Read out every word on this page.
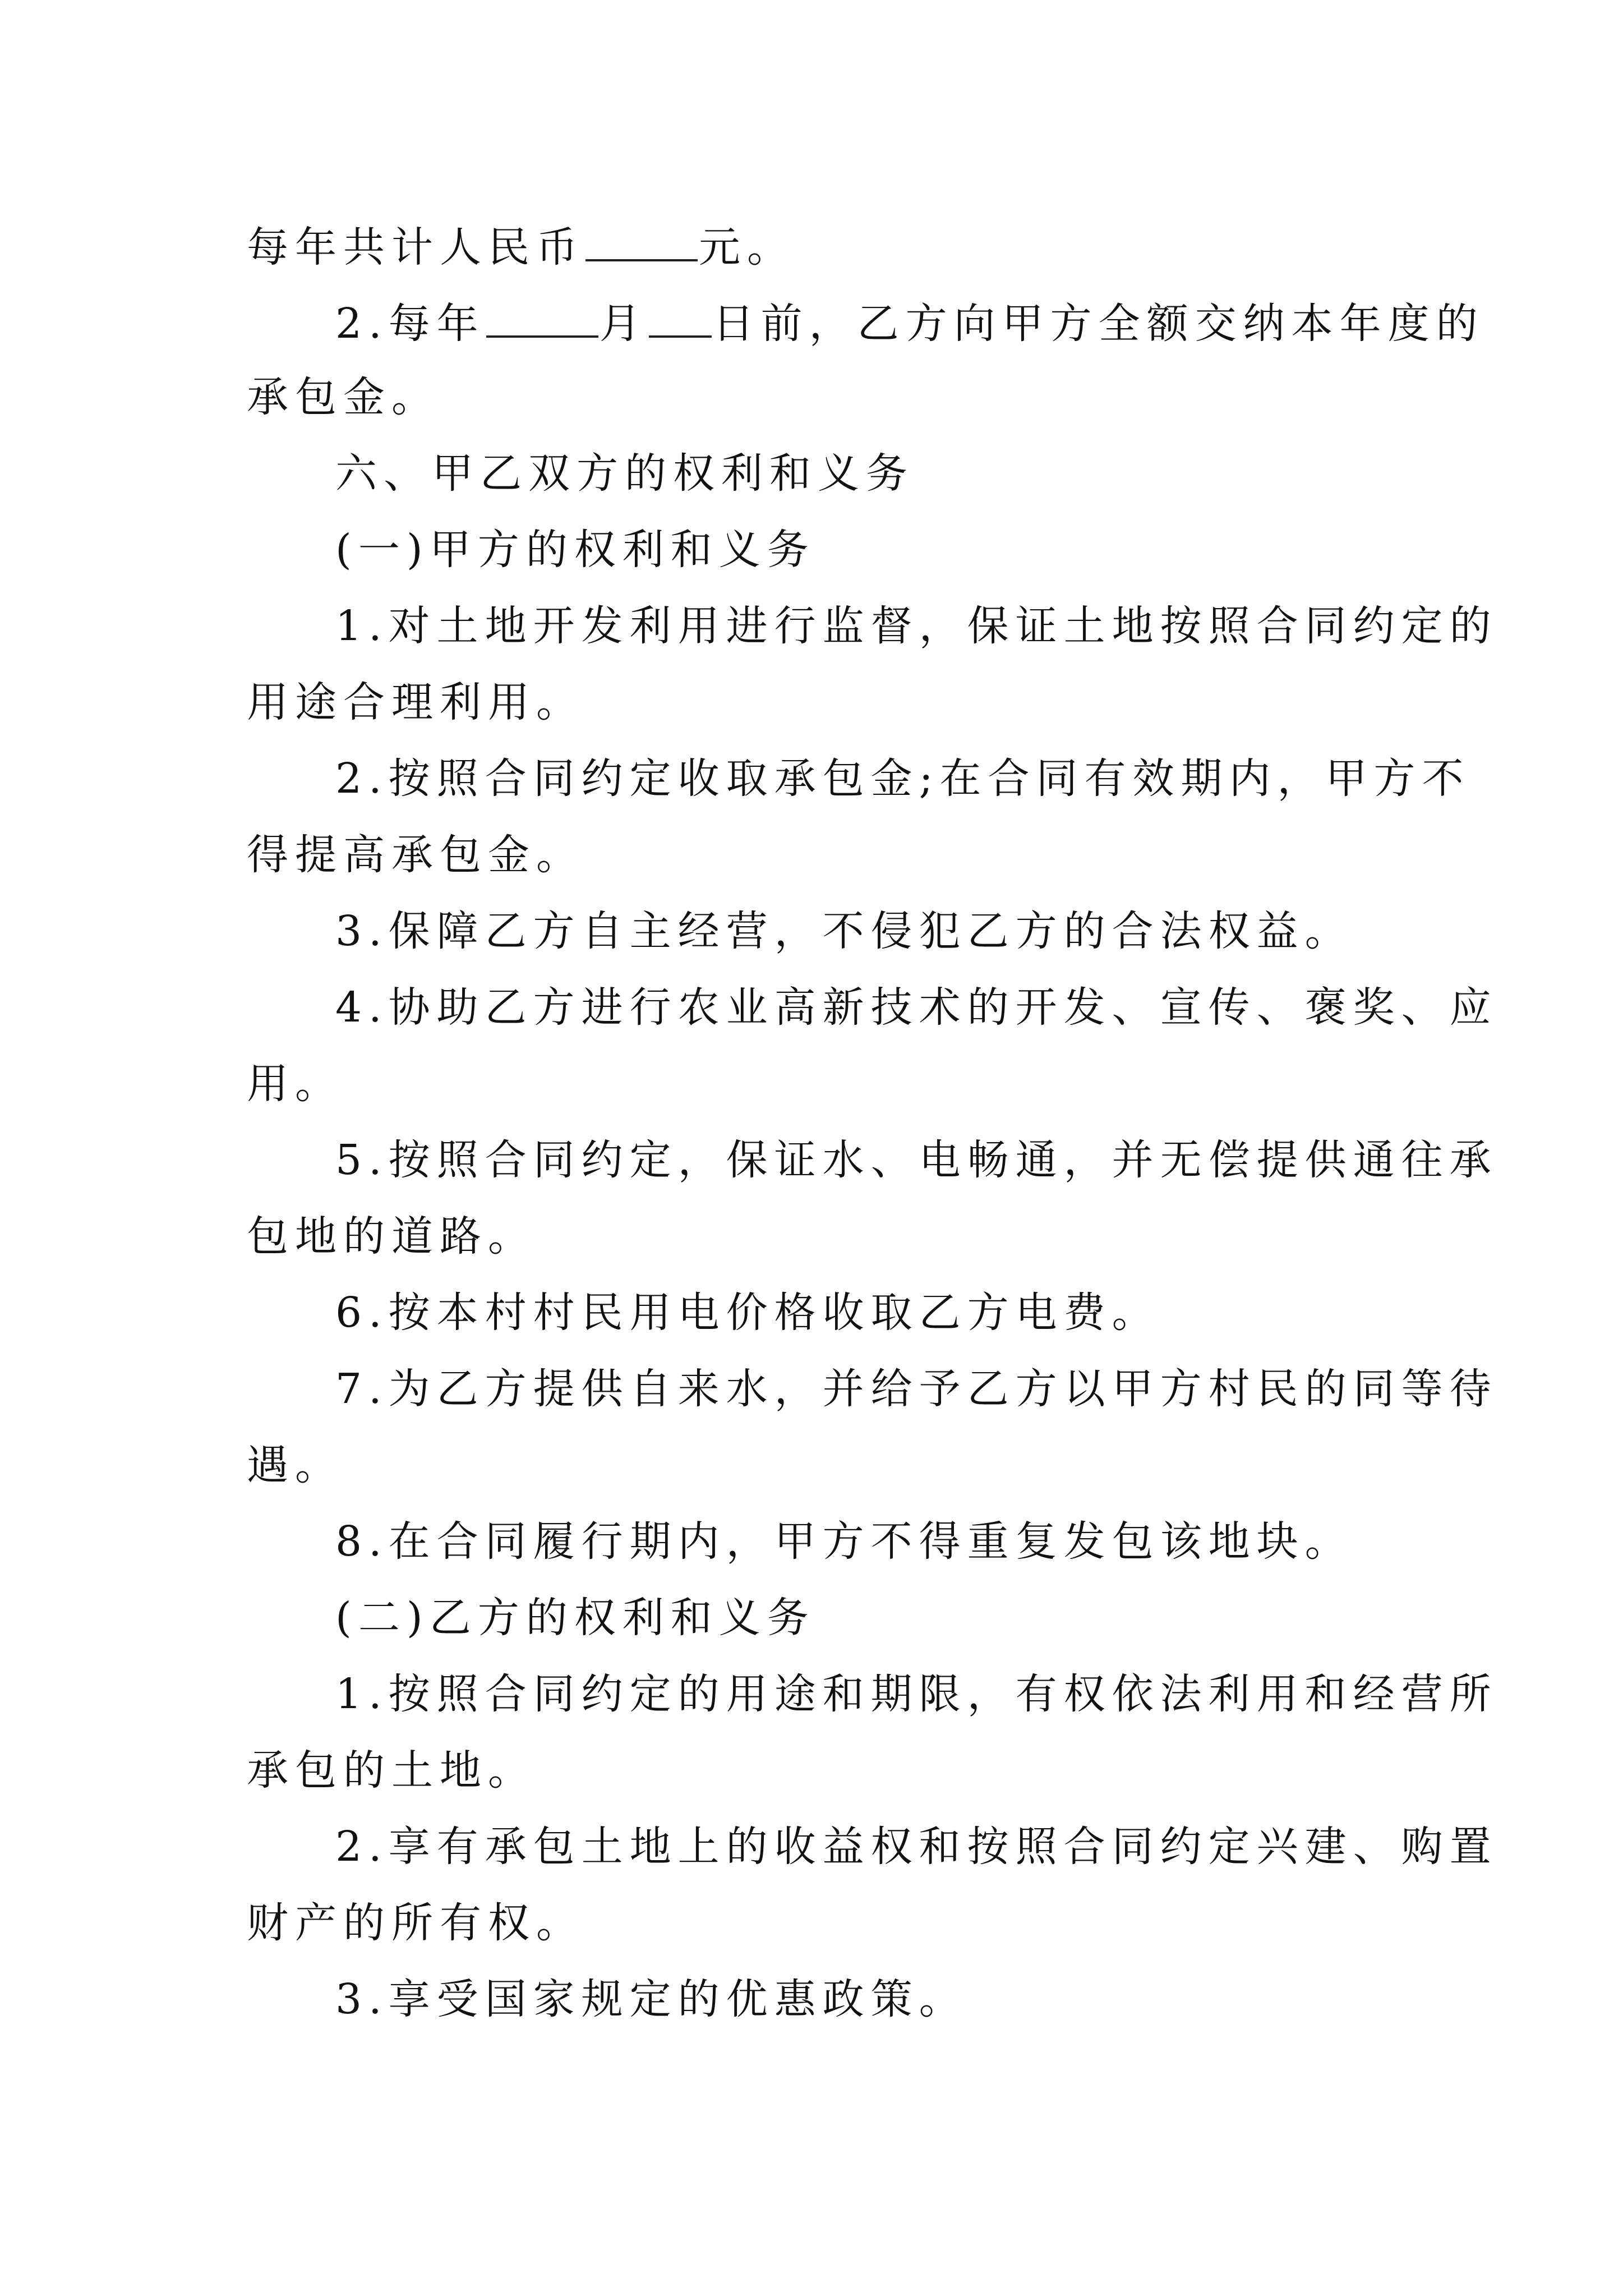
每年共计人民币	元。
2.每年	月 日前，乙方向甲方全额交纳本年度的
承包金。
六、甲乙双方的权利和义务
(一)甲方的权利和义务
1.对土地开发利用进行监督，保证土地按照合同约定的
用途合理利用。
2.按照合同约定收取承包金;在合同有效期内，甲方不
得提高承包金。
3.保障乙方自主经营，不侵犯乙方的合法权益。
4.协助乙方进行农业高新技术的开发、宣传、褒奖、应
用。
5.按照合同约定，保证水、电畅通，并无偿提供通往承
包地的道路。
6.按本村村民用电价格收取乙方电费。
7.为乙方提供自来水，并给予乙方以甲方村民的同等待
遇。
8.在合同履行期内，甲方不得重复发包该地块。
(二)乙方的权利和义务
1.按照合同约定的用途和期限，有权依法利用和经营所
承包的土地。
2.享有承包土地上的收益权和按照合同约定兴建、购置
财产的所有权。
3.享受国家规定的优惠政策。
